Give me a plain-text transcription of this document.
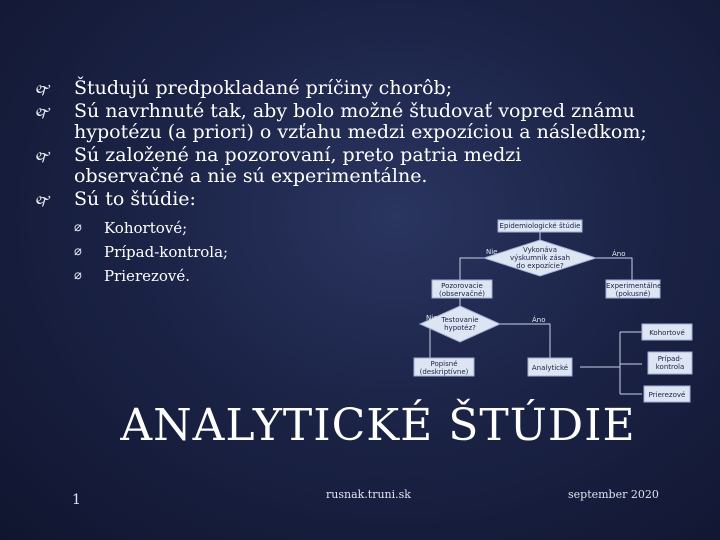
🙰 Študujú predpokladané príčiny chorôb;
🙰 Sú navrhnuté tak, aby bolo možné študovať vopred známu hypotézu (a priori) o vzťahu medzi expozíciou a následkom;
🙰 Sú založené na pozorovaní, preto patria medzi observačné a nie sú experimentálne.
🙰 Sú to štúdie:
⌀ Kohortové;
⌀ Prípad-kontrola;
⌀ Prierezové.
Epidemiologické štúdie
Vykonáva výskumník zásah do expozície?
Nie	Áno
Pozorovacie (observačné)
Experimentálne (pokusné)
Testovanie hypotéz?
Nie	Áno
Popisné (deskriptívne)	Analytické
Kohortové
Prípad-kontrola
Prierezové
ANALYTICKÉ ŠTÚDIE
1	rusnak.truni.sk	september 2020
